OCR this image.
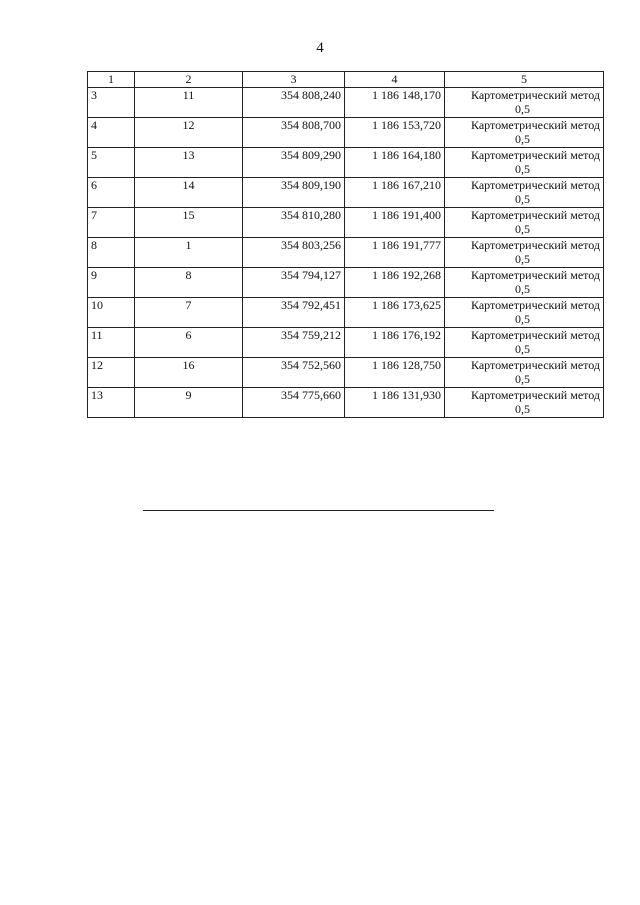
4
1	2	3	4	5
3	11	354 808,240	1 186 148,170	Картометрический метод
0,5

4	12	354 808,700	1 186 153,720	Картометрический метод
0,5

5	13	354 809,290	1 186 164,180	Картометрический метод
0,5

6	14	354 809,190	1 186 167,210	Картометрический метод
0,5

7	15	354 810,280	1 186 191,400	Картометрический метод
0,5

8	1	354 803,256	1 186 191,777	Картометрический метод
0,5

9	8	354 794,127	1 186 192,268	Картометрический метод
0,5

10	7	354 792,451	1 186 173,625	Картометрический метод
0,5

11	6	354 759,212	1 186 176,192	Картометрический метод
0,5

12	16	354 752,560	1 186 128,750	Картометрический метод
0,5

13	9	354 775,660	1 186 131,930	Картометрический метод
0,5
